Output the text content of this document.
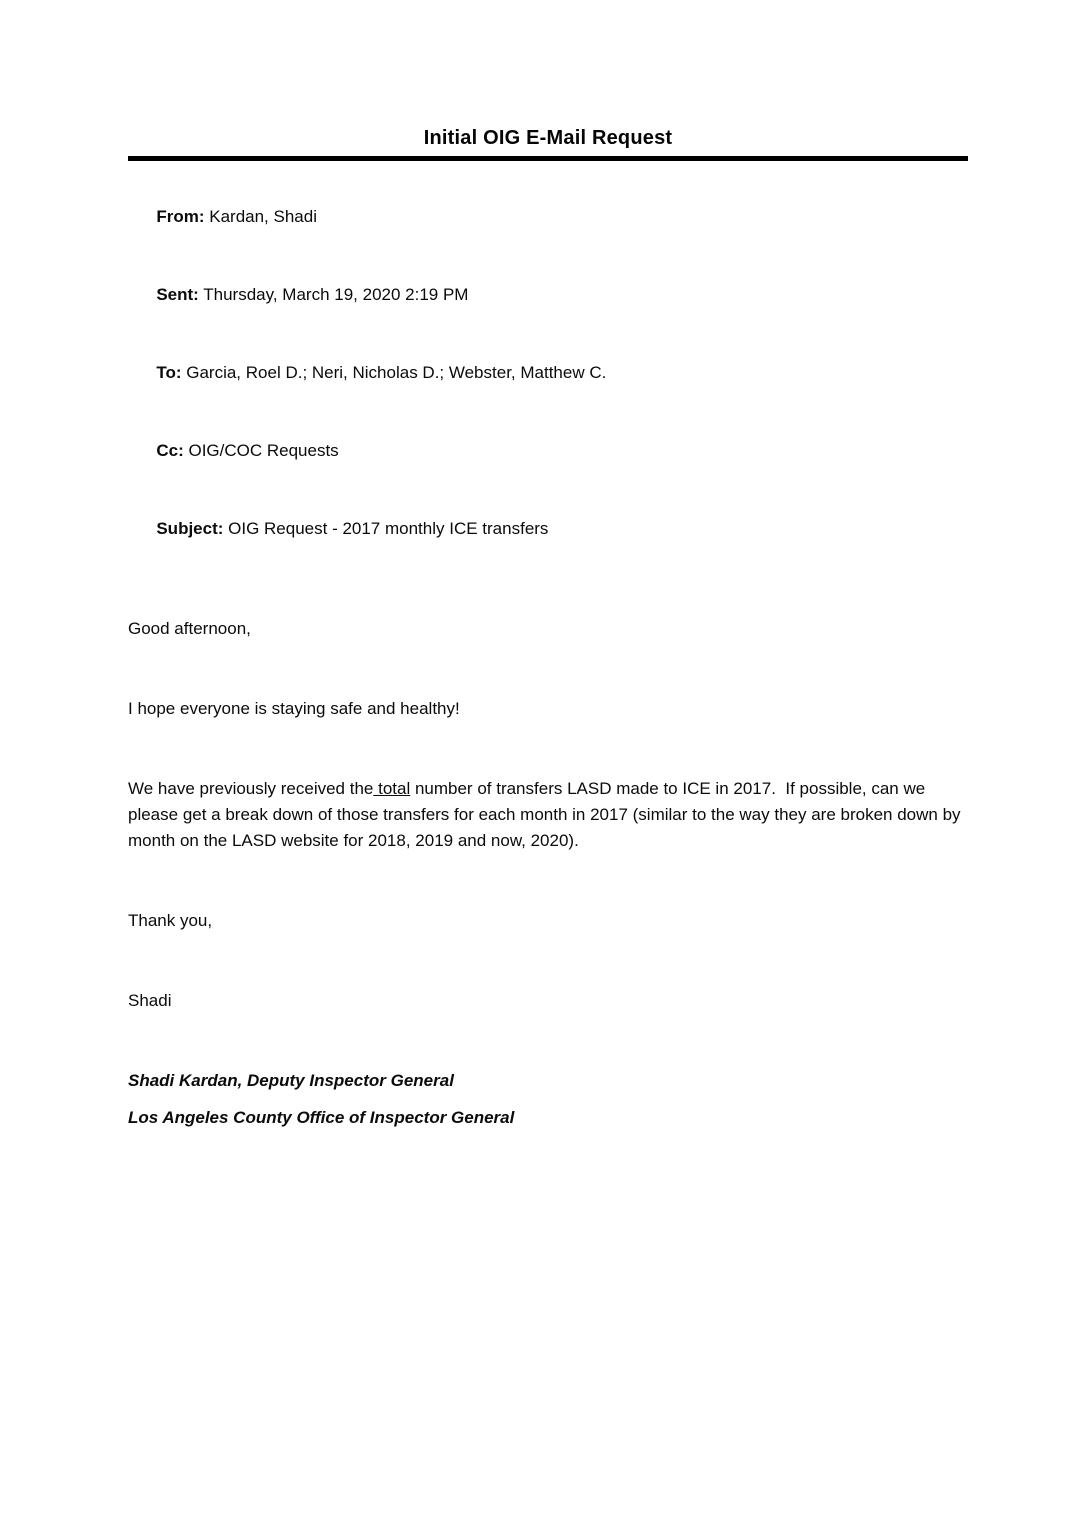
Initial OIG E-Mail Request

From: Kardan, Shadi

Sent: Thursday, March 19, 2020 2:19 PM

To: Garcia, Roel D.; Neri, Nicholas D.; Webster, Matthew C.

Cc: OIG/COC Requests

Subject: OIG Request - 2017 monthly ICE transfers

Good afternoon,

I hope everyone is staying safe and healthy!

We have previously received the total number of transfers LASD made to ICE in 2017.  If possible, can we please get a break down of those transfers for each month in 2017 (similar to the way they are broken down by month on the LASD website for 2018, 2019 and now, 2020).

Thank you,

Shadi

Shadi Kardan, Deputy Inspector General

Los Angeles County Office of Inspector General
